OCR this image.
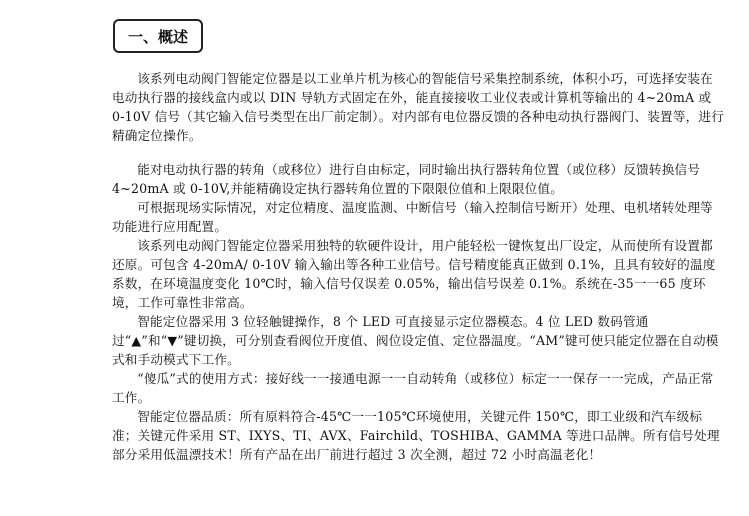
一、概述

该系列电动阀门智能定位器是以工业单片机为核心的智能信号采集控制系统，体积小巧，可选择安装在电动执行器的接线盒内或以 DIN 导轨方式固定在外，能直接接收工业仪表或计算机等输出的 4~20mA 或 0-10V 信号（其它输入信号类型在出厂前定制）。对内部有电位器反馈的各种电动执行器阀门、装置等，进行精确定位操作。

能对电动执行器的转角（或移位）进行自由标定，同时输出执行器转角位置（或位移）反馈转换信号 4~20mA 或 0-10V,并能精确设定执行器转角位置的下限限位值和上限限位值。

可根据现场实际情况，对定位精度、温度监测、中断信号（输入控制信号断开）处理、电机堵转处理等功能进行应用配置。

该系列电动阀门智能定位器采用独特的软硬件设计，用户能轻松一键恢复出厂设定，从而使所有设置都还原。可包含 4-20mA/ 0-10V 输入输出等各种工业信号。信号精度能真正做到 0.1%，且具有较好的温度系数，在环境温度变化 10℃时，输入信号仅误差 0.05%，输出信号误差 0.1%。系统在-35一一65 度环境，工作可靠性非常高。

智能定位器采用 3 位轻触键操作，8 个 LED 可直接显示定位器模态。4 位 LED 数码管通过“▲”和“▼”键切换，可分别查看阀位开度值、阀位设定值、定位器温度。“AM”键可使只能定位器在自动模式和手动模式下工作。

“傻瓜”式的使用方式：接好线一一接通电源一一自动转角（或移位）标定一一保存一一完成，产品正常工作。

智能定位器品质：所有原料符合-45℃一一105℃环境使用，关键元件 150℃，即工业级和汽车级标准；关键元件采用 ST、IXYS、TI、AVX、Fairchild、TOSHIBA、GAMMA 等进口品牌。所有信号处理部分采用低温漂技术！所有产品在出厂前进行超过 3 次全测，超过 72 小时高温老化！
